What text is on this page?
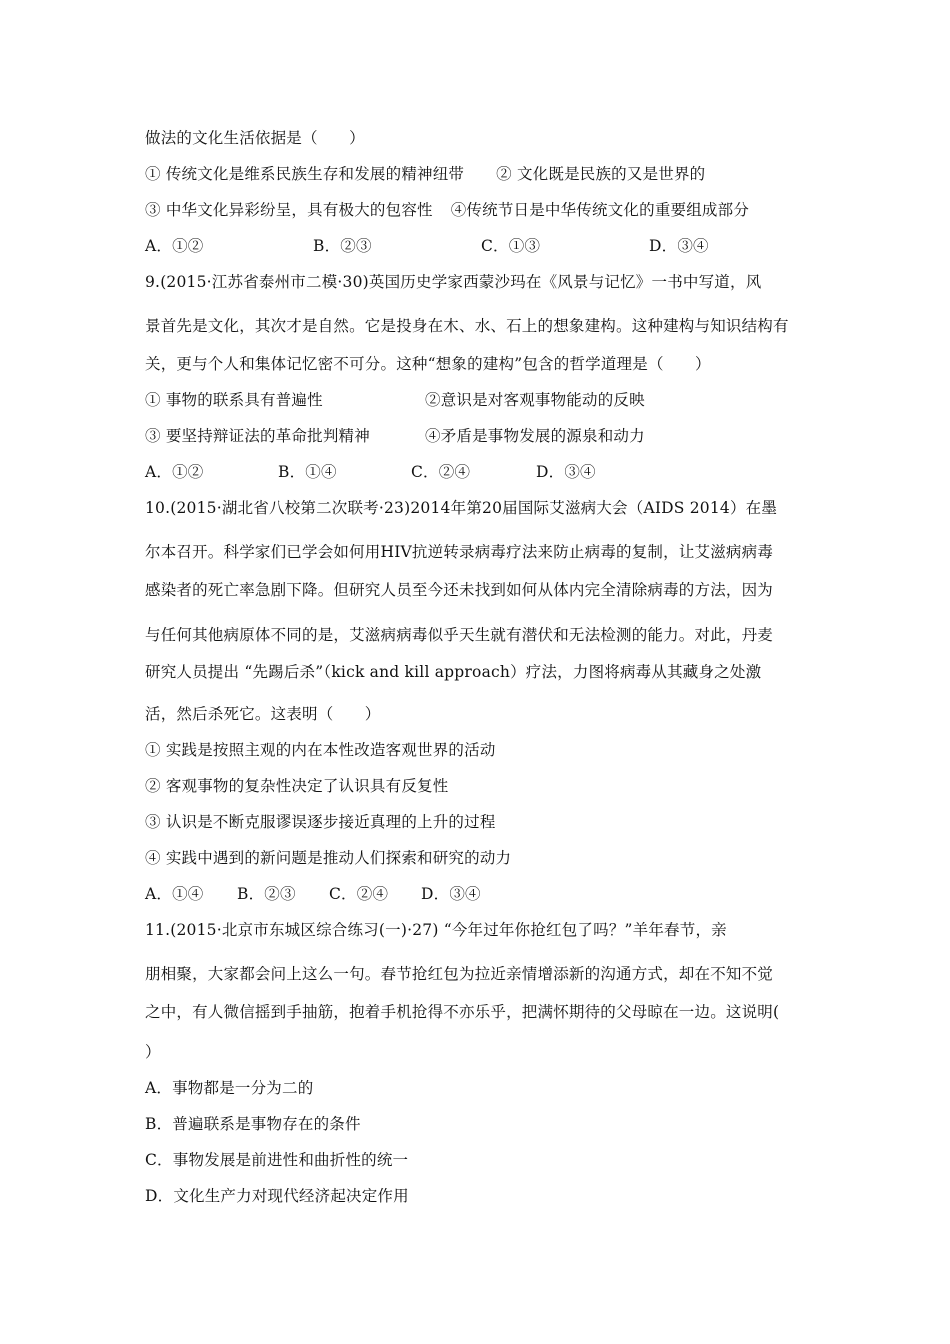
做法的文化生活依据是（　　）
① 传统文化是维系民族生存和发展的精神纽带 ② 文化既是民族的又是世界的
③ 中华文化异彩纷呈，具有极大的包容性 ④传统节日是中华传统文化的重要组成部分
A．①②	B．②③	C．①③	D．③④
9.(2015·江苏省泰州市二模·30)英国历史学家西蒙沙玛在《风景与记忆》一书中写道，风
景首先是文化，其次才是自然。它是投身在木、水、石上的想象建构。这种建构与知识结构有
关，更与个人和集体记忆密不可分。这种“想象的建构”包含的哲学道理是（　　）
① 事物的联系具有普遍性	②意识是对客观事物能动的反映
③ 要坚持辩证法的革命批判精神	④矛盾是事物发展的源泉和动力
A．①②	B．①④	C．②④	D．③④
10.(2015·湖北省八校第二次联考·23)2014年第20届国际艾滋病大会（AIDS 2014）在墨
尔本召开。科学家们已学会如何用HIV抗逆转录病毒疗法来防止病毒的复制，让艾滋病病毒
感染者的死亡率急剧下降。但研究人员至今还未找到如何从体内完全清除病毒的方法，因为
与任何其他病原体不同的是，艾滋病病毒似乎天生就有潜伏和无法检测的能力。对此，丹麦
研究人员提出 “先踢后杀”（kick and kill approach）疗法，力图将病毒从其藏身之处激
活，然后杀死它。这表明（　　）
① 实践是按照主观的内在本性改造客观世界的活动
② 客观事物的复杂性决定了认识具有反复性
③ 认识是不断克服谬误逐步接近真理的上升的过程
④ 实践中遇到的新问题是推动人们探索和研究的动力
A．①④ B．②③ C．②④ D．③④
11.(2015·北京市东城区综合练习(一)·27) “今年过年你抢红包了吗？”羊年春节，亲
朋相聚，大家都会问上这么一句。春节抢红包为拉近亲情增添新的沟通方式，却在不知不觉
之中，有人微信摇到手抽筋，抱着手机抢得不亦乐乎，把满怀期待的父母晾在一边。这说明(
）
A．事物都是一分为二的
B．普遍联系是事物存在的条件
C．事物发展是前进性和曲折性的统一
D．文化生产力对现代经济起决定作用
